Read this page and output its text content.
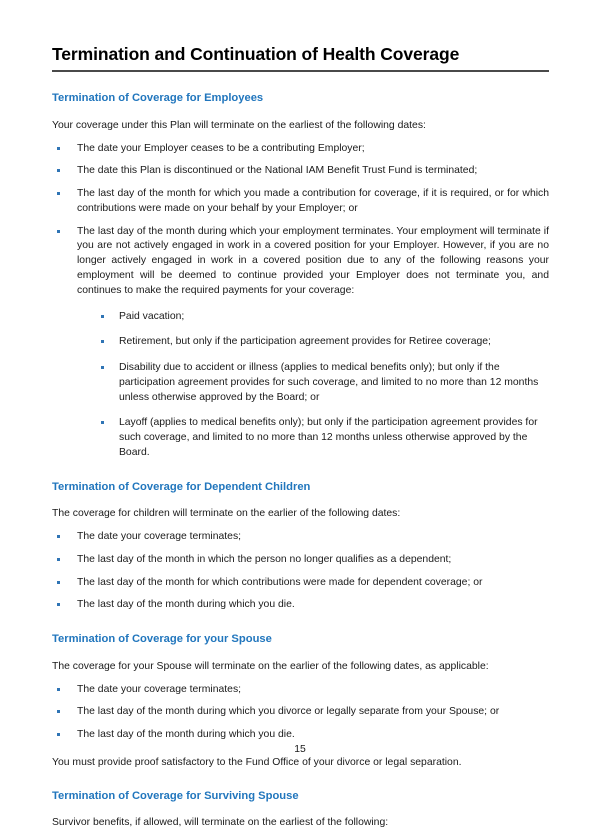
Termination and Continuation of Health Coverage
Termination of Coverage for Employees

Your coverage under this Plan will terminate on the earliest of the following dates:

The date your Employer ceases to be a contributing Employer;
The date this Plan is discontinued or the National IAM Benefit Trust Fund is terminated;
The last day of the month for which you made a contribution for coverage, if it is required, or for which contributions were made on your behalf by your Employer; or
The last day of the month during which your employment terminates. Your employment will terminate if you are not actively engaged in work in a covered position for your Employer. However, if you are no longer actively engaged in work in a covered position due to any of the following reasons your employment will be deemed to continue provided your Employer does not terminate you, and continues to make the required payments for your coverage:
Paid vacation;
Retirement, but only if the participation agreement provides for Retiree coverage;
Disability due to accident or illness (applies to medical benefits only); but only if the participation agreement provides for such coverage, and limited to no more than 12 months unless otherwise approved by the Board; or
Layoff (applies to medical benefits only); but only if the participation agreement provides for such coverage, and limited to no more than 12 months unless otherwise approved by the Board.
Termination of Coverage for Dependent Children

The coverage for children will terminate on the earlier of the following dates:

The date your coverage terminates;
The last day of the month in which the person no longer qualifies as a dependent;
The last day of the month for which contributions were made for dependent coverage; or
The last day of the month during which you die.
Termination of Coverage for your Spouse

The coverage for your Spouse will terminate on the earlier of the following dates, as applicable:

The date your coverage terminates;
The last day of the month during which you divorce or legally separate from your Spouse; or
The last day of the month during which you die.

You must provide proof satisfactory to the Fund Office of your divorce or legal separation.

Termination of Coverage for Surviving Spouse

Survivor benefits, if allowed, will terminate on the earliest of the following:

15
